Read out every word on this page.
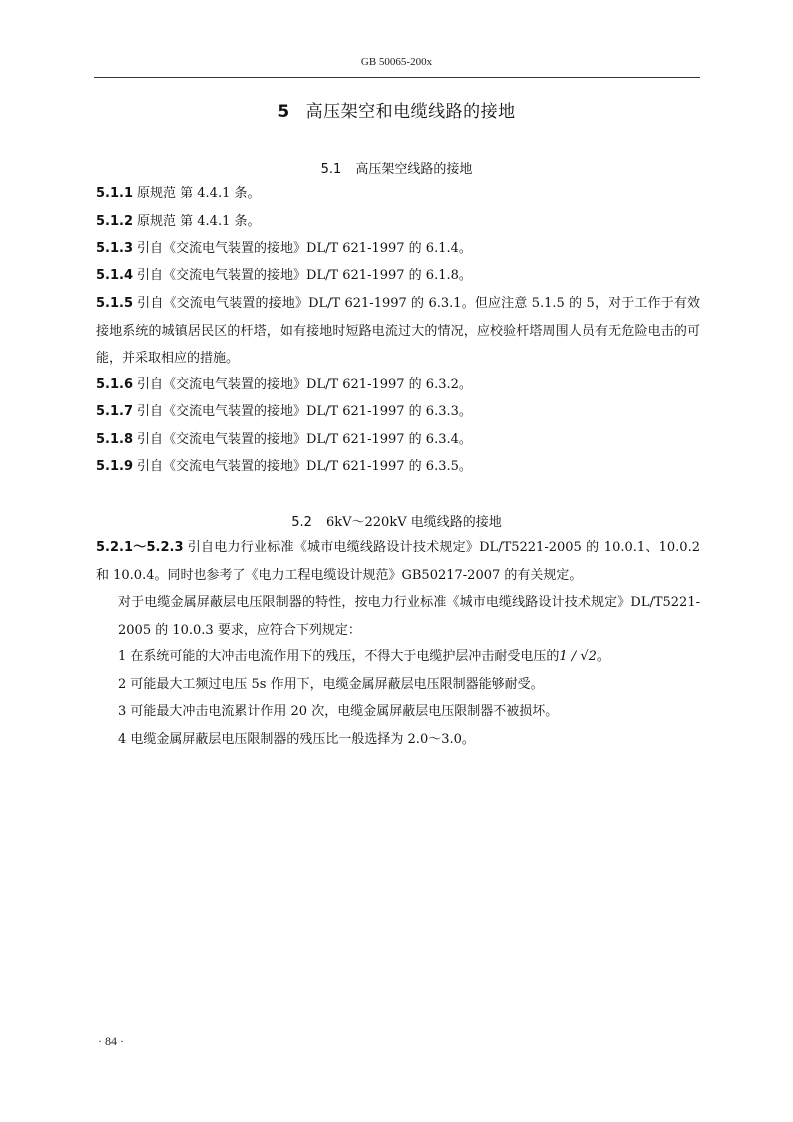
GB 50065-200x
5 高压架空和电缆线路的接地
5.1 高压架空线路的接地
5.1.1 原规范 第 4.4.1 条。
5.1.2 原规范 第 4.4.1 条。
5.1.3 引自《交流电气装置的接地》DL/T 621-1997 的 6.1.4。
5.1.4 引自《交流电气装置的接地》DL/T 621-1997 的 6.1.8。
5.1.5 引自《交流电气装置的接地》DL/T 621-1997 的 6.3.1。但应注意 5.1.5 的 5，对于工作于有效接地系统的城镇居民区的杆塔，如有接地时短路电流过大的情况，应校验杆塔周围人员有无危险电击的可能，并采取相应的措施。
5.1.6 引自《交流电气装置的接地》DL/T 621-1997 的 6.3.2。
5.1.7 引自《交流电气装置的接地》DL/T 621-1997 的 6.3.3。
5.1.8 引自《交流电气装置的接地》DL/T 621-1997 的 6.3.4。
5.1.9 引自《交流电气装置的接地》DL/T 621-1997 的 6.3.5。
5.2 6kV～220kV 电缆线路的接地
5.2.1～5.2.3 引自电力行业标准《城市电缆线路设计技术规定》DL/T5221-2005 的 10.0.1、10.0.2 和 10.0.4。同时也参考了《电力工程电缆设计规范》GB50217-2007 的有关规定。
对于电缆金属屏蔽层电压限制器的特性，按电力行业标准《城市电缆线路设计技术规定》DL/T5221-2005 的 10.0.3 要求，应符合下列规定：
1 在系统可能的大冲击电流作用下的残压，不得大于电缆护层冲击耐受电压的1 / √2。
2 可能最大工频过电压 5s 作用下，电缆金属屏蔽层电压限制器能够耐受。
3 可能最大冲击电流累计作用 20 次，电缆金属屏蔽层电压限制器不被损坏。
4 电缆金属屏蔽层电压限制器的残压比一般选择为 2.0～3.0。
· 84 ·
